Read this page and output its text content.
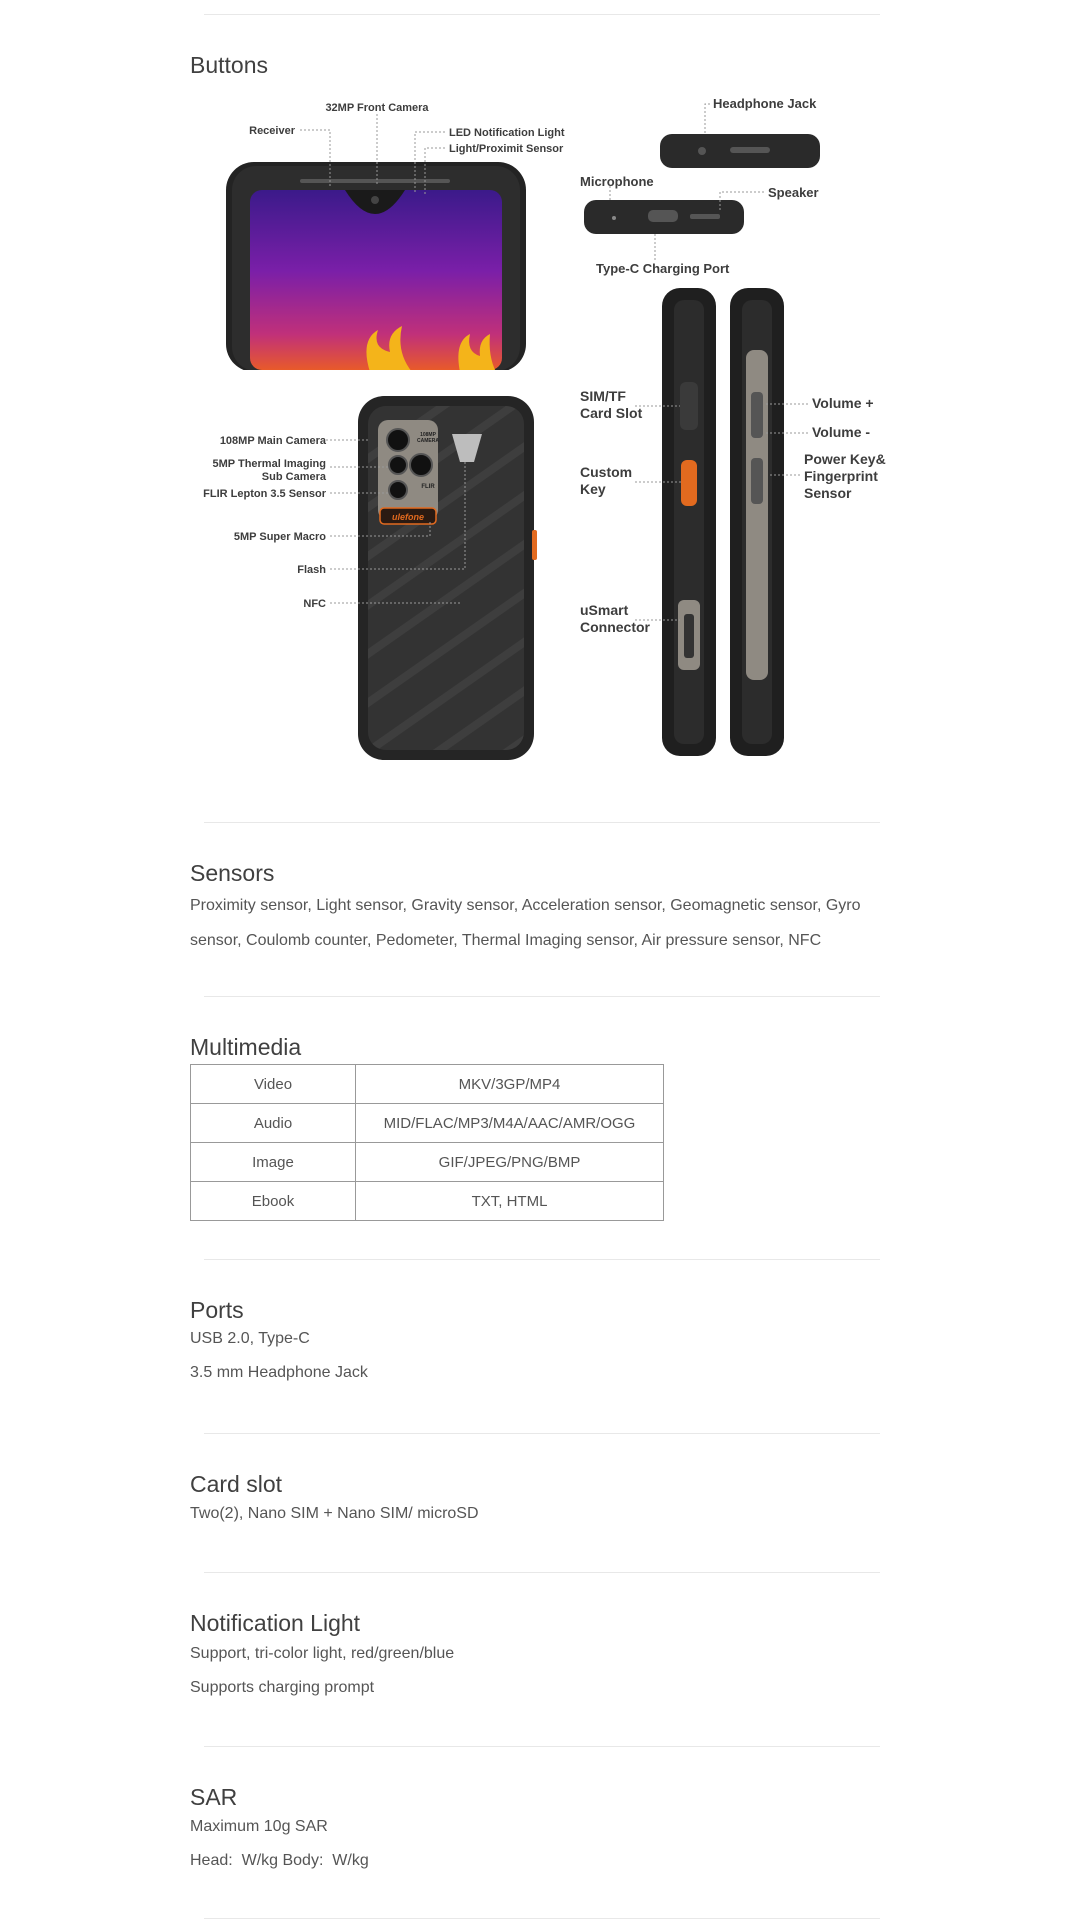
Buttons
108MP
CAMERA
FLIR
ulefone
32MP Front Camera
Receiver	LED Notification Light
Light/Proximit Sensor
Headphone Jack
Microphone
Speaker
Type-C Charging Port
108MP Main Camera
5MP Thermal Imaging
Sub Camera
FLIR Lepton 3.5 Sensor
5MP Super Macro
Flash
NFC
SIM/TF
Card Slot
Custom
Key
uSmart
Connector
Volume +
Volume -
Power Key&
Fingerprint
Sensor
Sensors
Proximity sensor, Light sensor, Gravity sensor, Acceleration sensor, Geomagnetic sensor, Gyro sensor, Coulomb counter, Pedometer, Thermal Imaging sensor, Air pressure sensor, NFC
Multimedia
Video	MKV/3GP/MP4
Audio	MID/FLAC/MP3/M4A/AAC/AMR/OGG
Image	GIF/JPEG/PNG/BMP
Ebook	TXT, HTML
Ports
USB 2.0, Type-C
3.5 mm Headphone Jack
Card slot
Two(2), Nano SIM + Nano SIM/ microSD
Notification Light
Support, tri-color light, red/green/blue
Supports charging prompt
SAR
Maximum 10g SAR
Head:  W/kg Body:  W/kg
